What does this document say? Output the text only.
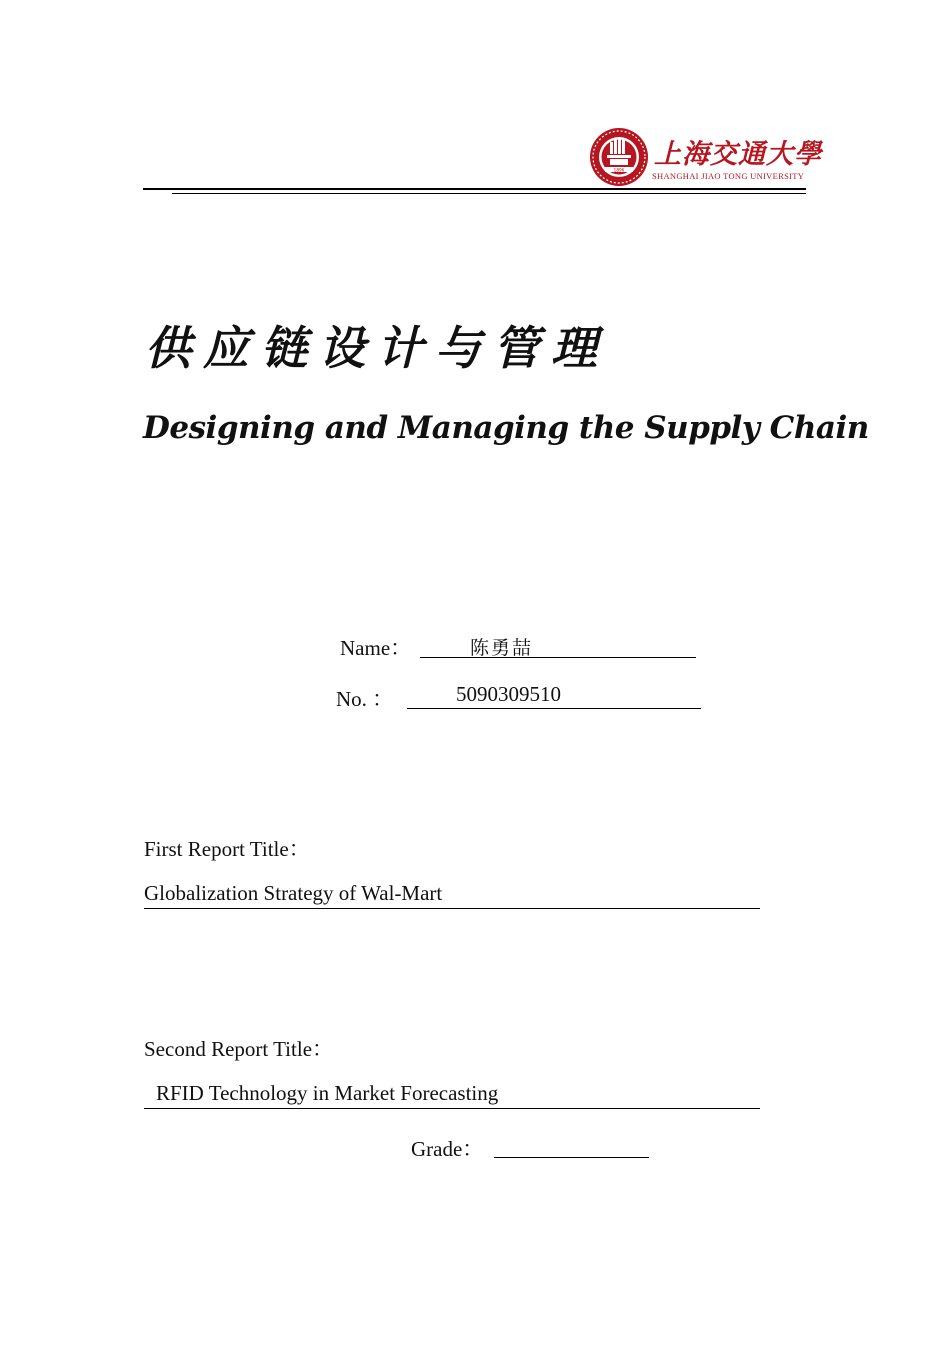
1896 上海交通大學
SHANGHAI JIAO TONG UNIVERSITY
供应链设计与管理
Designing and Managing the Supply Chain
Name：	陈勇喆
No. ：	5090309510
First Report Title：
Globalization Strategy of Wal-Mart
Second Report Title：
RFID Technology in Market Forecasting
Grade：
